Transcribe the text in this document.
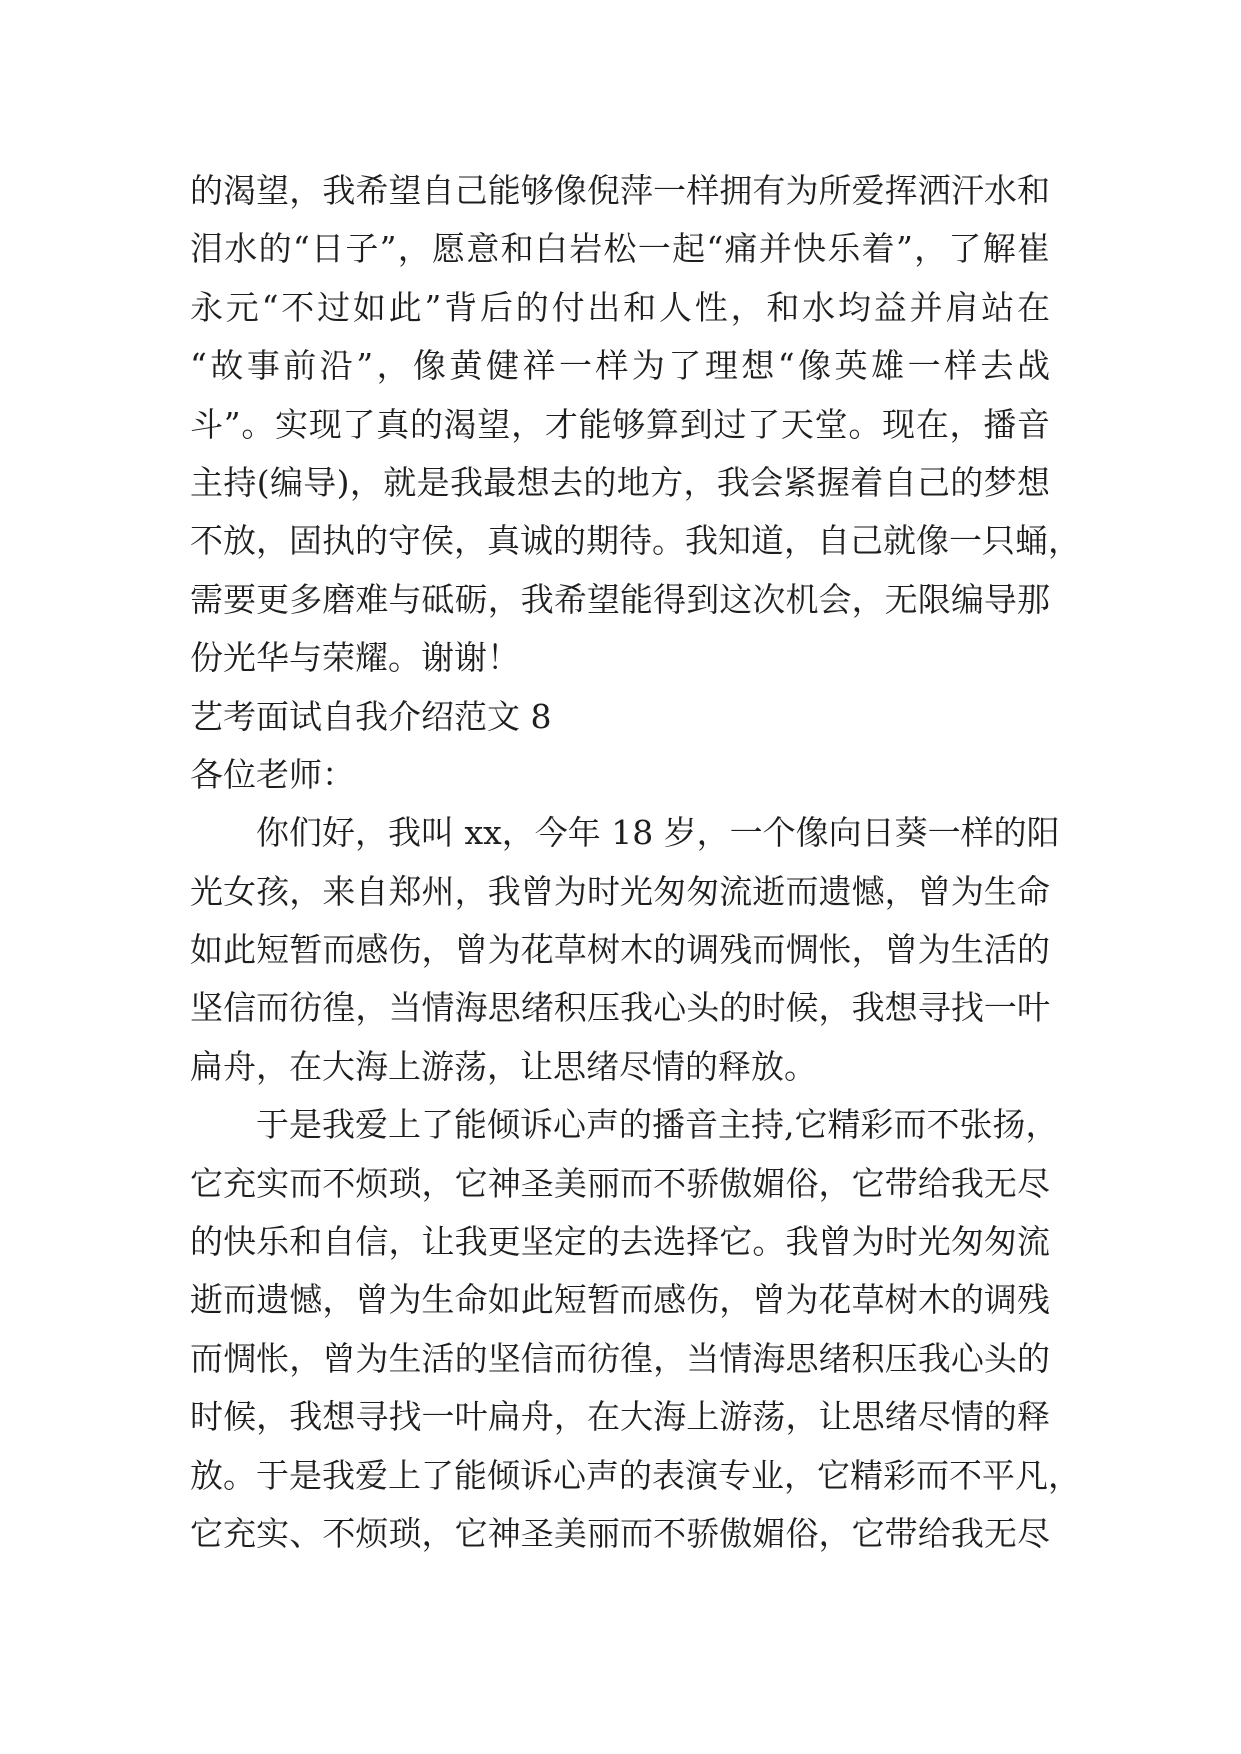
的渴望，我希望自己能够像倪萍一样拥有为所爱挥洒汗水和
泪水的“日子”，愿意和白岩松一起“痛并快乐着”，了解崔
永元“不过如此”背后的付出和人性，和水均益并肩站在
“故事前沿”，像黄健祥一样为了理想“像英雄一样去战
斗”。实现了真的渴望，才能够算到过了天堂。现在，播音
主持(编导)，就是我最想去的地方，我会紧握着自己的梦想
不放，固执的守侯，真诚的期待。我知道，自己就像一只蛹，
需要更多磨难与砥砺，我希望能得到这次机会，无限编导那
份光华与荣耀。谢谢！
艺考面试自我介绍范文 8
各位老师：
你们好，我叫 xx，今年 18 岁，一个像向日葵一样的阳
光女孩，来自郑州，我曾为时光匆匆流逝而遗憾，曾为生命
如此短暂而感伤，曾为花草树木的调残而惆怅，曾为生活的
坚信而彷徨，当情海思绪积压我心头的时候，我想寻找一叶
扁舟，在大海上游荡，让思绪尽情的释放。
于是我爱上了能倾诉心声的播音主持,它精彩而不张扬，
它充实而不烦琐，它神圣美丽而不骄傲媚俗，它带给我无尽
的快乐和自信，让我更坚定的去选择它。我曾为时光匆匆流
逝而遗憾，曾为生命如此短暂而感伤，曾为花草树木的调残
而惆怅，曾为生活的坚信而彷徨，当情海思绪积压我心头的
时候，我想寻找一叶扁舟，在大海上游荡，让思绪尽情的释
放。于是我爱上了能倾诉心声的表演专业，它精彩而不平凡，
它充实、不烦琐，它神圣美丽而不骄傲媚俗，它带给我无尽
